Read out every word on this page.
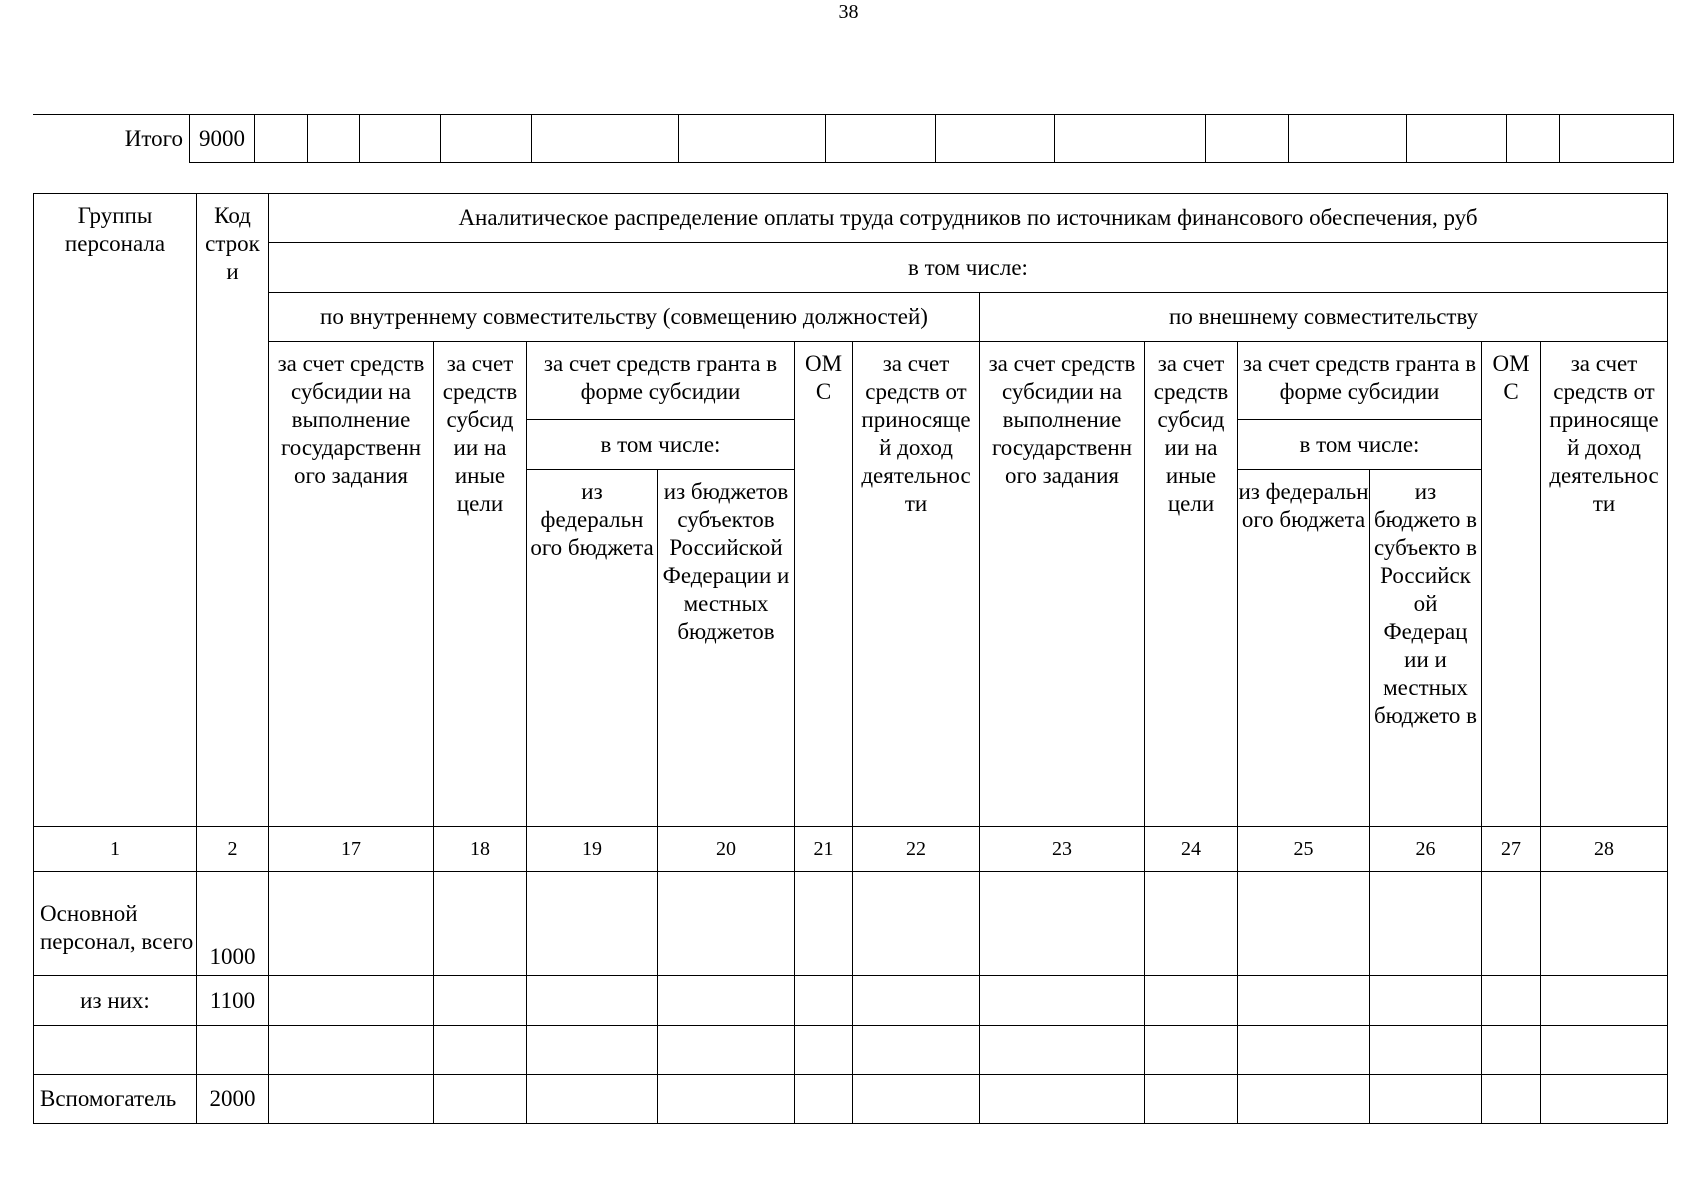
38
Итого 9000														
Группы персонала	Код строк и	Аналитическое распределение оплаты труда сотрудников по источникам финансового обеспечения, руб											
		в том числе:											
		по внутреннему совместительству (совмещению должностей)						по внешнему совместительству					
		за счет средств субсидии на выполнение государственн ого задания	за счет средств субсид ии на иные цели	за счет средств гранта в форме субсидии		ОМ С	за счет средств от приносяще й доход деятельнос ти	за счет средств субсидии на выполнение государственн ого задания	за счет средств субсид ии на иные цели	за счет средств гранта в форме субсидии		ОМ С	за счет средств от приносяще й доход деятельнос ти
				в том числе:						в том числе:			
				из федеральн ого бюджета	из бюджетов субъектов Российской Федерации и местных бюджетов					из федеральн ого бюджета	из бюджето в субъекто в Российск ой Федерац ии и местных бюджето в		
1	2	17	18	19	20	21	22	23	24	25	26	27	28
Основной персонал, всего	1000												
из них:	1100												

Вспомогатель	2000												
